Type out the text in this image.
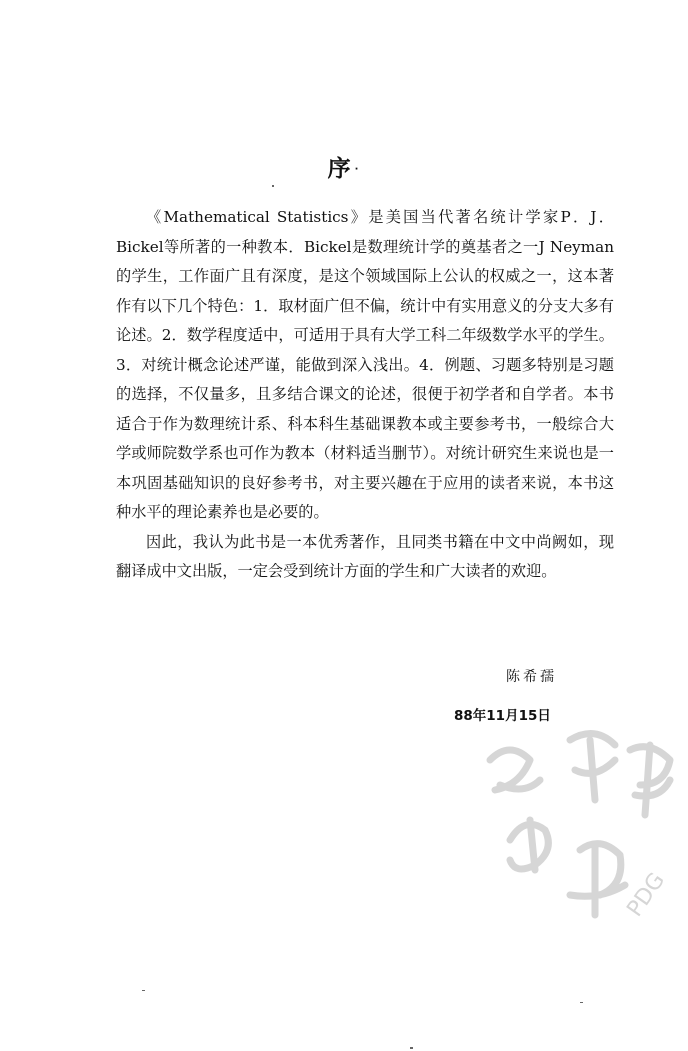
序 ·

《Mathematical Statistics》是美国当代著名统计学家P．J．Bickel等所著的一种教本．Bickel是数理统计学的奠基者之一J Neyman的学生，工作面广且有深度，是这个领域国际上公认的权威之一，这本著作有以下几个特色：1．取材面广但不偏，统计中有实用意义的分支大多有论述。2．数学程度适中，可适用于具有大学工科二年级数学水平的学生。3．对统计概念论述严谨，能做到深入浅出。4．例题、习题多特别是习题的选择，不仅量多，且多结合课文的论述，很便于初学者和自学者。本书适合于作为数理统计系、科本科生基础课教本或主要参考书，一般综合大学或师院数学系也可作为教本（材料适当删节）。对统计研究生来说也是一本巩固基础知识的良好参考书，对主要兴趣在于应用的读者来说，本书这种水平的理论素养也是必要的。

因此，我认为此书是一本优秀著作，且同类书籍在中文中尚阙如，现翻译成中文出版，一定会受到统计方面的学生和广大读者的欢迎。

陈希孺
88年11月15日
PDG
